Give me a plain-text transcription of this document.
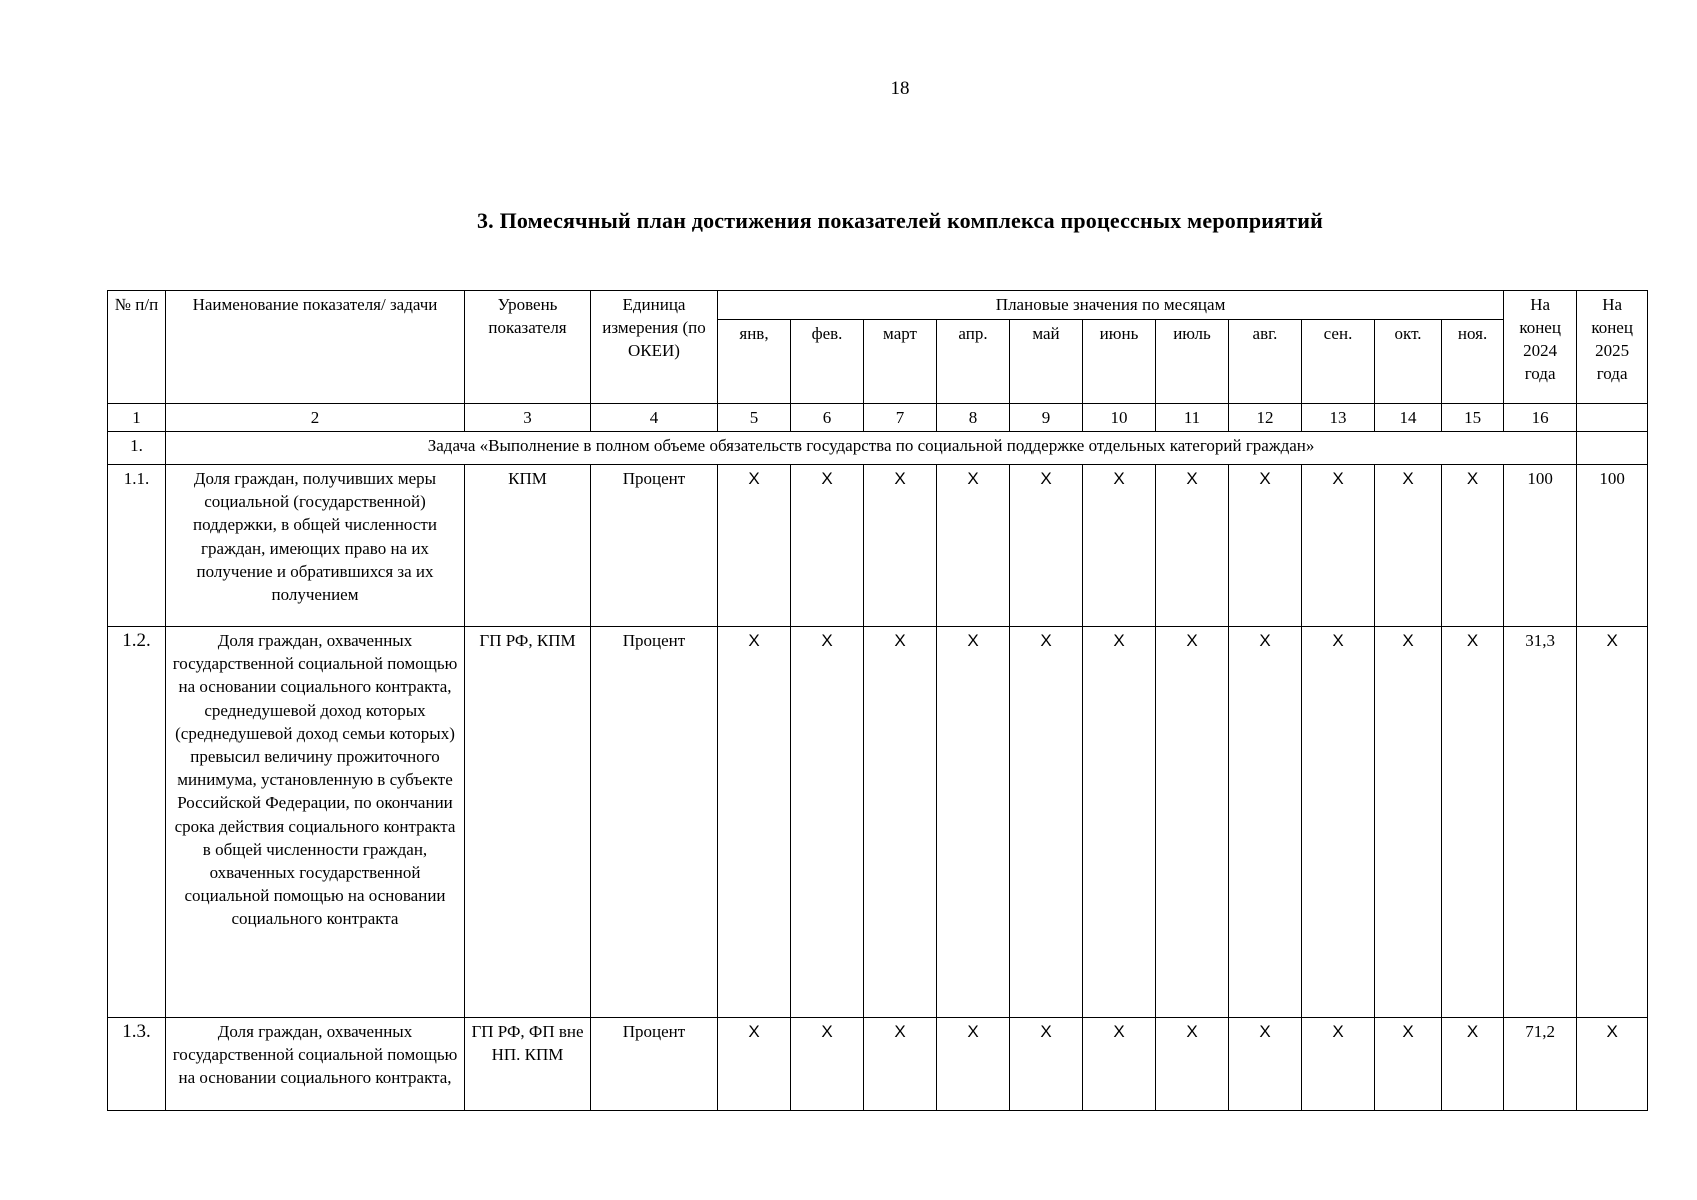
18
3. Помесячный план достижения показателей комплекса процессных мероприятий
№ п/п	Наименование показателя/ задачи	Уровень показателя	Единица измерения (по ОКЕИ)	Плановые значения по месяцам											На конец 2024 года	На конец 2025 года
				янв,	фев.	март	апр.	май	июнь	июль	авг.	сен.	окт.	ноя.		
1	2	3	4	5	6	7	8	9	10	11	12	13	14	15	16	
1.	Задача «Выполнение в полном объеме обязательств государства по социальной поддержке отдельных категорий граждан»															
1.1.	Доля граждан, получивших меры социальной (государственной) поддержки, в общей численности граждан, имеющих право на их получение и обратившихся за их получением	КПМ	Процент	X	X	X	X	X	X	X	X	X	X	X	100	100
1.2.	Доля граждан, охваченных государственной социальной помощью на основании социального контракта, среднедушевой доход которых (среднедушевой доход семьи которых) превысил величину прожиточного минимума, установленную в субъекте Российской Федерации, по окончании срока действия социального контракта в общей численности граждан, охваченных государственной социальной помощью на основании социального контракта	ГП РФ, КПМ	Процент	X	X	X	X	X	X	X	X	X	X	X	31,3	X
1.3.	Доля граждан, охваченных государственной социальной помощью на основании социального контракта,	ГП РФ, ФП вне НП. КПМ	Процент	X	X	X	X	X	X	X	X	X	X	X	71,2	X
